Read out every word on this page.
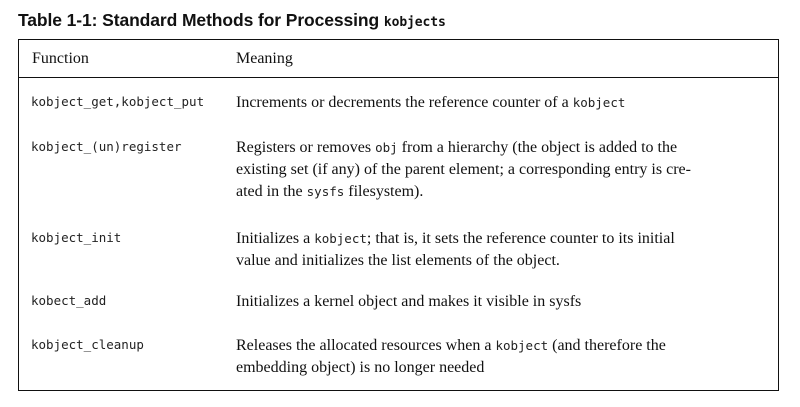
Table 1-1: Standard Methods for Processing kobjects
Function	Meaning
kobject_get,kobject_put Increments or decrements the reference counter of a kobject
kobject_(un)register	Registers or removes obj from a hierarchy (the object is added to the
existing set (if any) of the parent element; a corresponding entry is cre-
ated in the sysfs filesystem).
kobject_init	Initializes a kobject; that is, it sets the reference counter to its initial
value and initializes the list elements of the object.
kobect_add	Initializes a kernel object and makes it visible in sysfs
kobject_cleanup	Releases the allocated resources when a kobject (and therefore the
embedding object) is no longer needed
